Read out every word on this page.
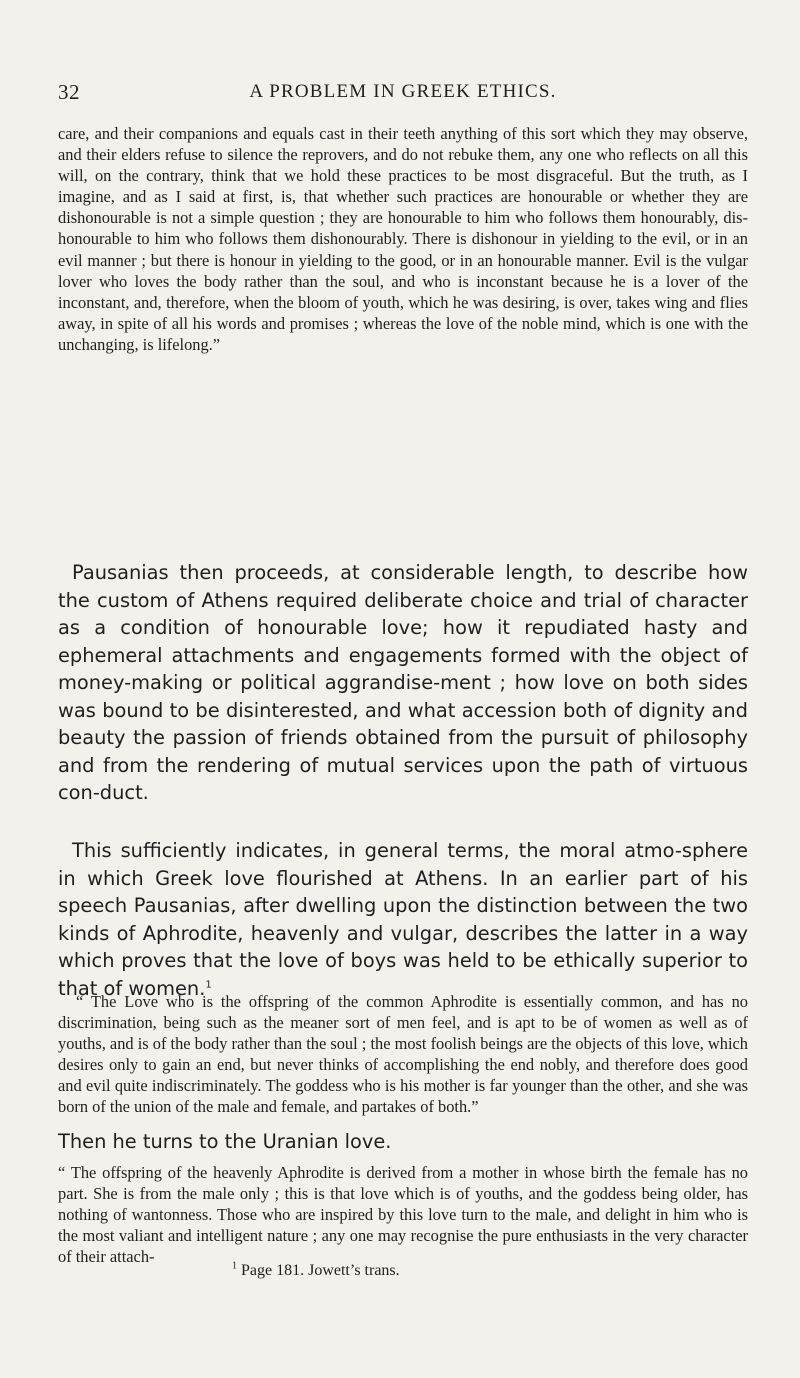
32	A PROBLEM IN GREEK ETHICS.

care, and their companions and equals cast in their teeth anything of this sort which they may observe, and their elders refuse to silence the reprovers, and do not rebuke them, any one who reflects on all this will, on the contrary, think that we hold these practices to be most disgraceful. But the truth, as I imagine, and as I said at first, is, that whether such practices are honourable or whether they are dishonourable is not a simple question ; they are honourable to him who follows them honourably, dis-honourable to him who follows them dishonourably. There is dishonour in yielding to the evil, or in an evil manner ; but there is honour in yielding to the good, or in an honourable manner. Evil is the vulgar lover who loves the body rather than the soul, and who is inconstant because he is a lover of the inconstant, and, therefore, when the bloom of youth, which he was desiring, is over, takes wing and flies away, in spite of all his words and promises ; whereas the love of the noble mind, which is one with the unchanging, is lifelong.”

Pausanias then proceeds, at considerable length, to describe how the custom of Athens required deliberate choice and trial of character as a condition of honourable love; how it repudiated hasty and ephemeral attachments and engagements formed with the object of money-making or political aggrandise-ment ; how love on both sides was bound to be disinterested, and what accession both of dignity and beauty the passion of friends obtained from the pursuit of philosophy and from the rendering of mutual services upon the path of virtuous con-duct.

This sufficiently indicates, in general terms, the moral atmo-sphere in which Greek love flourished at Athens. In an earlier part of his speech Pausanias, after dwelling upon the distinction between the two kinds of Aphrodite, heavenly and vulgar, describes the latter in a way which proves that the love of boys was held to be ethically superior to that of women.$^1$

“ The Love who is the offspring of the common Aphrodite is essentially common, and has no discrimination, being such as the meaner sort of men feel, and is apt to be of women as well as of youths, and is of the body rather than the soul ; the most foolish beings are the objects of this love, which desires only to gain an end, but never thinks of accomplishing the end nobly, and therefore does good and evil quite indiscriminately. The goddess who is his mother is far younger than the other, and she was born of the union of the male and female, and partakes of both.”

Then he turns to the Uranian love.

“ The offspring of the heavenly Aphrodite is derived from a mother in whose birth the female has no part. She is from the male only ; this is that love which is of youths, and the goddess being older, has nothing of wantonness. Those who are inspired by this love turn to the male, and delight in him who is the most valiant and intelligent nature ; any one may recognise the pure enthusiasts in the very character of their attach-	$^1$ Page 181. Jowett’s trans.
